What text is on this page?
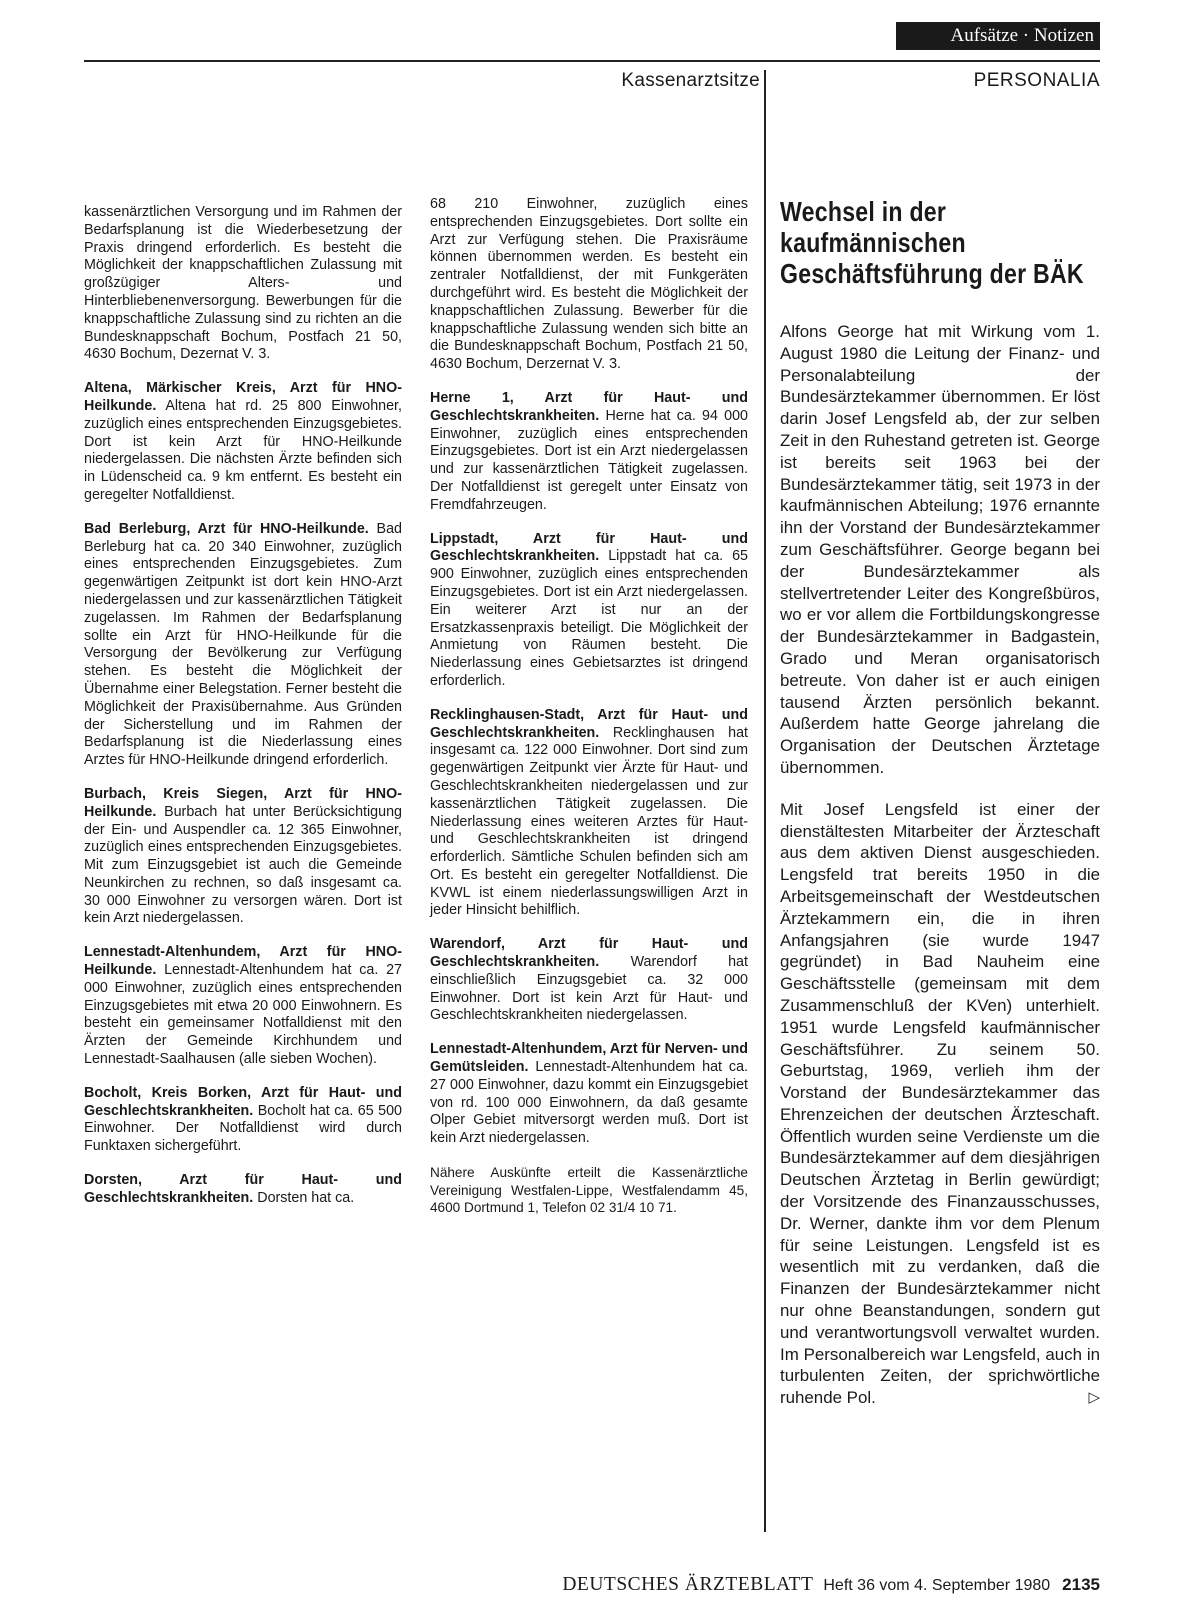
Aufsätze · Notizen
Kassenarztsitze	PERSONALIA

kassenärztlichen Versorgung und im Rahmen der Bedarfsplanung ist die Wiederbesetzung der Praxis dringend erforderlich. Es besteht die Möglichkeit der knappschaftlichen Zulassung mit großzügiger Alters- und Hinterbliebenenversorgung. Bewerbungen für die knappschaftliche Zulassung sind zu richten an die Bundesknappschaft Bochum, Postfach 21 50, 4630 Bochum, Dezernat V. 3.

Altena, Märkischer Kreis, Arzt für HNO-Heilkunde. Altena hat rd. 25 800 Einwohner, zuzüglich eines entsprechenden Einzugsgebietes. Dort ist kein Arzt für HNO-Heilkunde niedergelassen. Die nächsten Ärzte befinden sich in Lüdenscheid ca. 9 km entfernt. Es besteht ein geregelter Notfalldienst.

Bad Berleburg, Arzt für HNO-Heilkunde. Bad Berleburg hat ca. 20 340 Einwohner, zuzüglich eines entsprechenden Einzugsgebietes. Zum gegenwärtigen Zeitpunkt ist dort kein HNO-Arzt niedergelassen und zur kassenärztlichen Tätigkeit zugelassen. Im Rahmen der Bedarfsplanung sollte ein Arzt für HNO-Heilkunde für die Versorgung der Bevölkerung zur Verfügung stehen. Es besteht die Möglichkeit der Übernahme einer Belegstation. Ferner besteht die Möglichkeit der Praxisübernahme. Aus Gründen der Sicherstellung und im Rahmen der Bedarfsplanung ist die Niederlassung eines Arztes für HNO-Heilkunde dringend erforderlich.

Burbach, Kreis Siegen, Arzt für HNO-Heilkunde. Burbach hat unter Berücksichtigung der Ein- und Auspendler ca. 12 365 Einwohner, zuzüglich eines entsprechenden Einzugsgebietes. Mit zum Einzugsgebiet ist auch die Gemeinde Neunkirchen zu rechnen, so daß insgesamt ca. 30 000 Einwohner zu versorgen wären. Dort ist kein Arzt niedergelassen.

Lennestadt-Altenhundem, Arzt für HNO-Heilkunde. Lennestadt-Altenhundem hat ca. 27 000 Einwohner, zuzüglich eines entsprechenden Einzugsgebietes mit etwa 20 000 Einwohnern. Es besteht ein gemeinsamer Notfalldienst mit den Ärzten der Gemeinde Kirchhundem und Lennestadt-Saalhausen (alle sieben Wochen).

Bocholt, Kreis Borken, Arzt für Haut- und Geschlechtskrankheiten. Bocholt hat ca. 65 500 Einwohner. Der Notfalldienst wird durch Funktaxen sichergeführt.

Dorsten, Arzt für Haut- und Geschlechtskrankheiten. Dorsten hat ca.

68 210 Einwohner, zuzüglich eines entsprechenden Einzugsgebietes. Dort sollte ein Arzt zur Verfügung stehen. Die Praxisräume können übernommen werden. Es besteht ein zentraler Notfalldienst, der mit Funkgeräten durchgeführt wird. Es besteht die Möglichkeit der knappschaftlichen Zulassung. Bewerber für die knappschaftliche Zulassung wenden sich bitte an die Bundesknappschaft Bochum, Postfach 21 50, 4630 Bochum, Derzernat V. 3.

Herne 1, Arzt für Haut- und Geschlechtskrankheiten. Herne hat ca. 94 000 Einwohner, zuzüglich eines entsprechenden Einzugsgebietes. Dort ist ein Arzt niedergelassen und zur kassenärztlichen Tätigkeit zugelassen. Der Notfalldienst ist geregelt unter Einsatz von Fremdfahrzeugen.

Lippstadt, Arzt für Haut- und Geschlechtskrankheiten. Lippstadt hat ca. 65 900 Einwohner, zuzüglich eines entsprechenden Einzugsgebietes. Dort ist ein Arzt niedergelassen. Ein weiterer Arzt ist nur an der Ersatzkassenpraxis beteiligt. Die Möglichkeit der Anmietung von Räumen besteht. Die Niederlassung eines Gebietsarztes ist dringend erforderlich.

Recklinghausen-Stadt, Arzt für Haut- und Geschlechtskrankheiten. Recklinghausen hat insgesamt ca. 122 000 Einwohner. Dort sind zum gegenwärtigen Zeitpunkt vier Ärzte für Haut- und Geschlechtskrankheiten niedergelassen und zur kassenärztlichen Tätigkeit zugelassen. Die Niederlassung eines weiteren Arztes für Haut- und Geschlechtskrankheiten ist dringend erforderlich. Sämtliche Schulen befinden sich am Ort. Es besteht ein geregelter Notfalldienst. Die KVWL ist einem niederlassungswilligen Arzt in jeder Hinsicht behilflich.

Warendorf, Arzt für Haut- und Geschlechtskrankheiten. Warendorf hat einschließlich Einzugsgebiet ca. 32 000 Einwohner. Dort ist kein Arzt für Haut- und Geschlechtskrankheiten niedergelassen.

Lennestadt-Altenhundem, Arzt für Nerven- und Gemütsleiden. Lennestadt-Altenhundem hat ca. 27 000 Einwohner, dazu kommt ein Einzugsgebiet von rd. 100 000 Einwohnern, da daß gesamte Olper Gebiet mitversorgt werden muß. Dort ist kein Arzt niedergelassen.

Nähere Auskünfte erteilt die Kassenärztliche Vereinigung Westfalen-Lippe, Westfalendamm 45, 4600 Dortmund 1, Telefon 02 31/4 10 71.

Wechsel in der kaufmännischen Geschäftsführung der BÄK

Alfons George hat mit Wirkung vom 1. August 1980 die Leitung der Finanz- und Personalabteilung der Bundesärztekammer übernommen. Er löst darin Josef Lengsfeld ab, der zur selben Zeit in den Ruhestand getreten ist. George ist bereits seit 1963 bei der Bundesärztekammer tätig, seit 1973 in der kaufmännischen Abteilung; 1976 ernannte ihn der Vorstand der Bundesärztekammer zum Geschäftsführer. George begann bei der Bundesärztekammer als stellvertretender Leiter des Kongreßbüros, wo er vor allem die Fortbildungskongresse der Bundesärztekammer in Badgastein, Grado und Meran organisatorisch betreute. Von daher ist er auch einigen tausend Ärzten persönlich bekannt. Außerdem hatte George jahrelang die Organisation der Deutschen Ärztetage übernommen.

Mit Josef Lengsfeld ist einer der dienstältesten Mitarbeiter der Ärzteschaft aus dem aktiven Dienst ausgeschieden. Lengsfeld trat bereits 1950 in die Arbeitsgemeinschaft der Westdeutschen Ärztekammern ein, die in ihren Anfangsjahren (sie wurde 1947 gegründet) in Bad Nauheim eine Geschäftsstelle (gemeinsam mit dem Zusammenschluß der KVen) unterhielt. 1951 wurde Lengsfeld kaufmännischer Geschäftsführer. Zu seinem 50. Geburtstag, 1969, verlieh ihm der Vorstand der Bundesärztekammer das Ehrenzeichen der deutschen Ärzteschaft. Öffentlich wurden seine Verdienste um die Bundesärztekammer auf dem diesjährigen Deutschen Ärztetag in Berlin gewürdigt; der Vorsitzende des Finanzausschusses, Dr. Werner, dankte ihm vor dem Plenum für seine Leistungen. Lengsfeld ist es wesentlich mit zu verdanken, daß die Finanzen der Bundesärztekammer nicht nur ohne Beanstandungen, sondern gut und verantwortungsvoll verwaltet wurden. Im Personalbereich war Lengsfeld, auch in turbulenten Zeiten, der sprichwörtliche ruhende Pol.	▷

DEUTSCHES ÄRZTEBLATT Heft 36 vom 4. September 1980 2135
